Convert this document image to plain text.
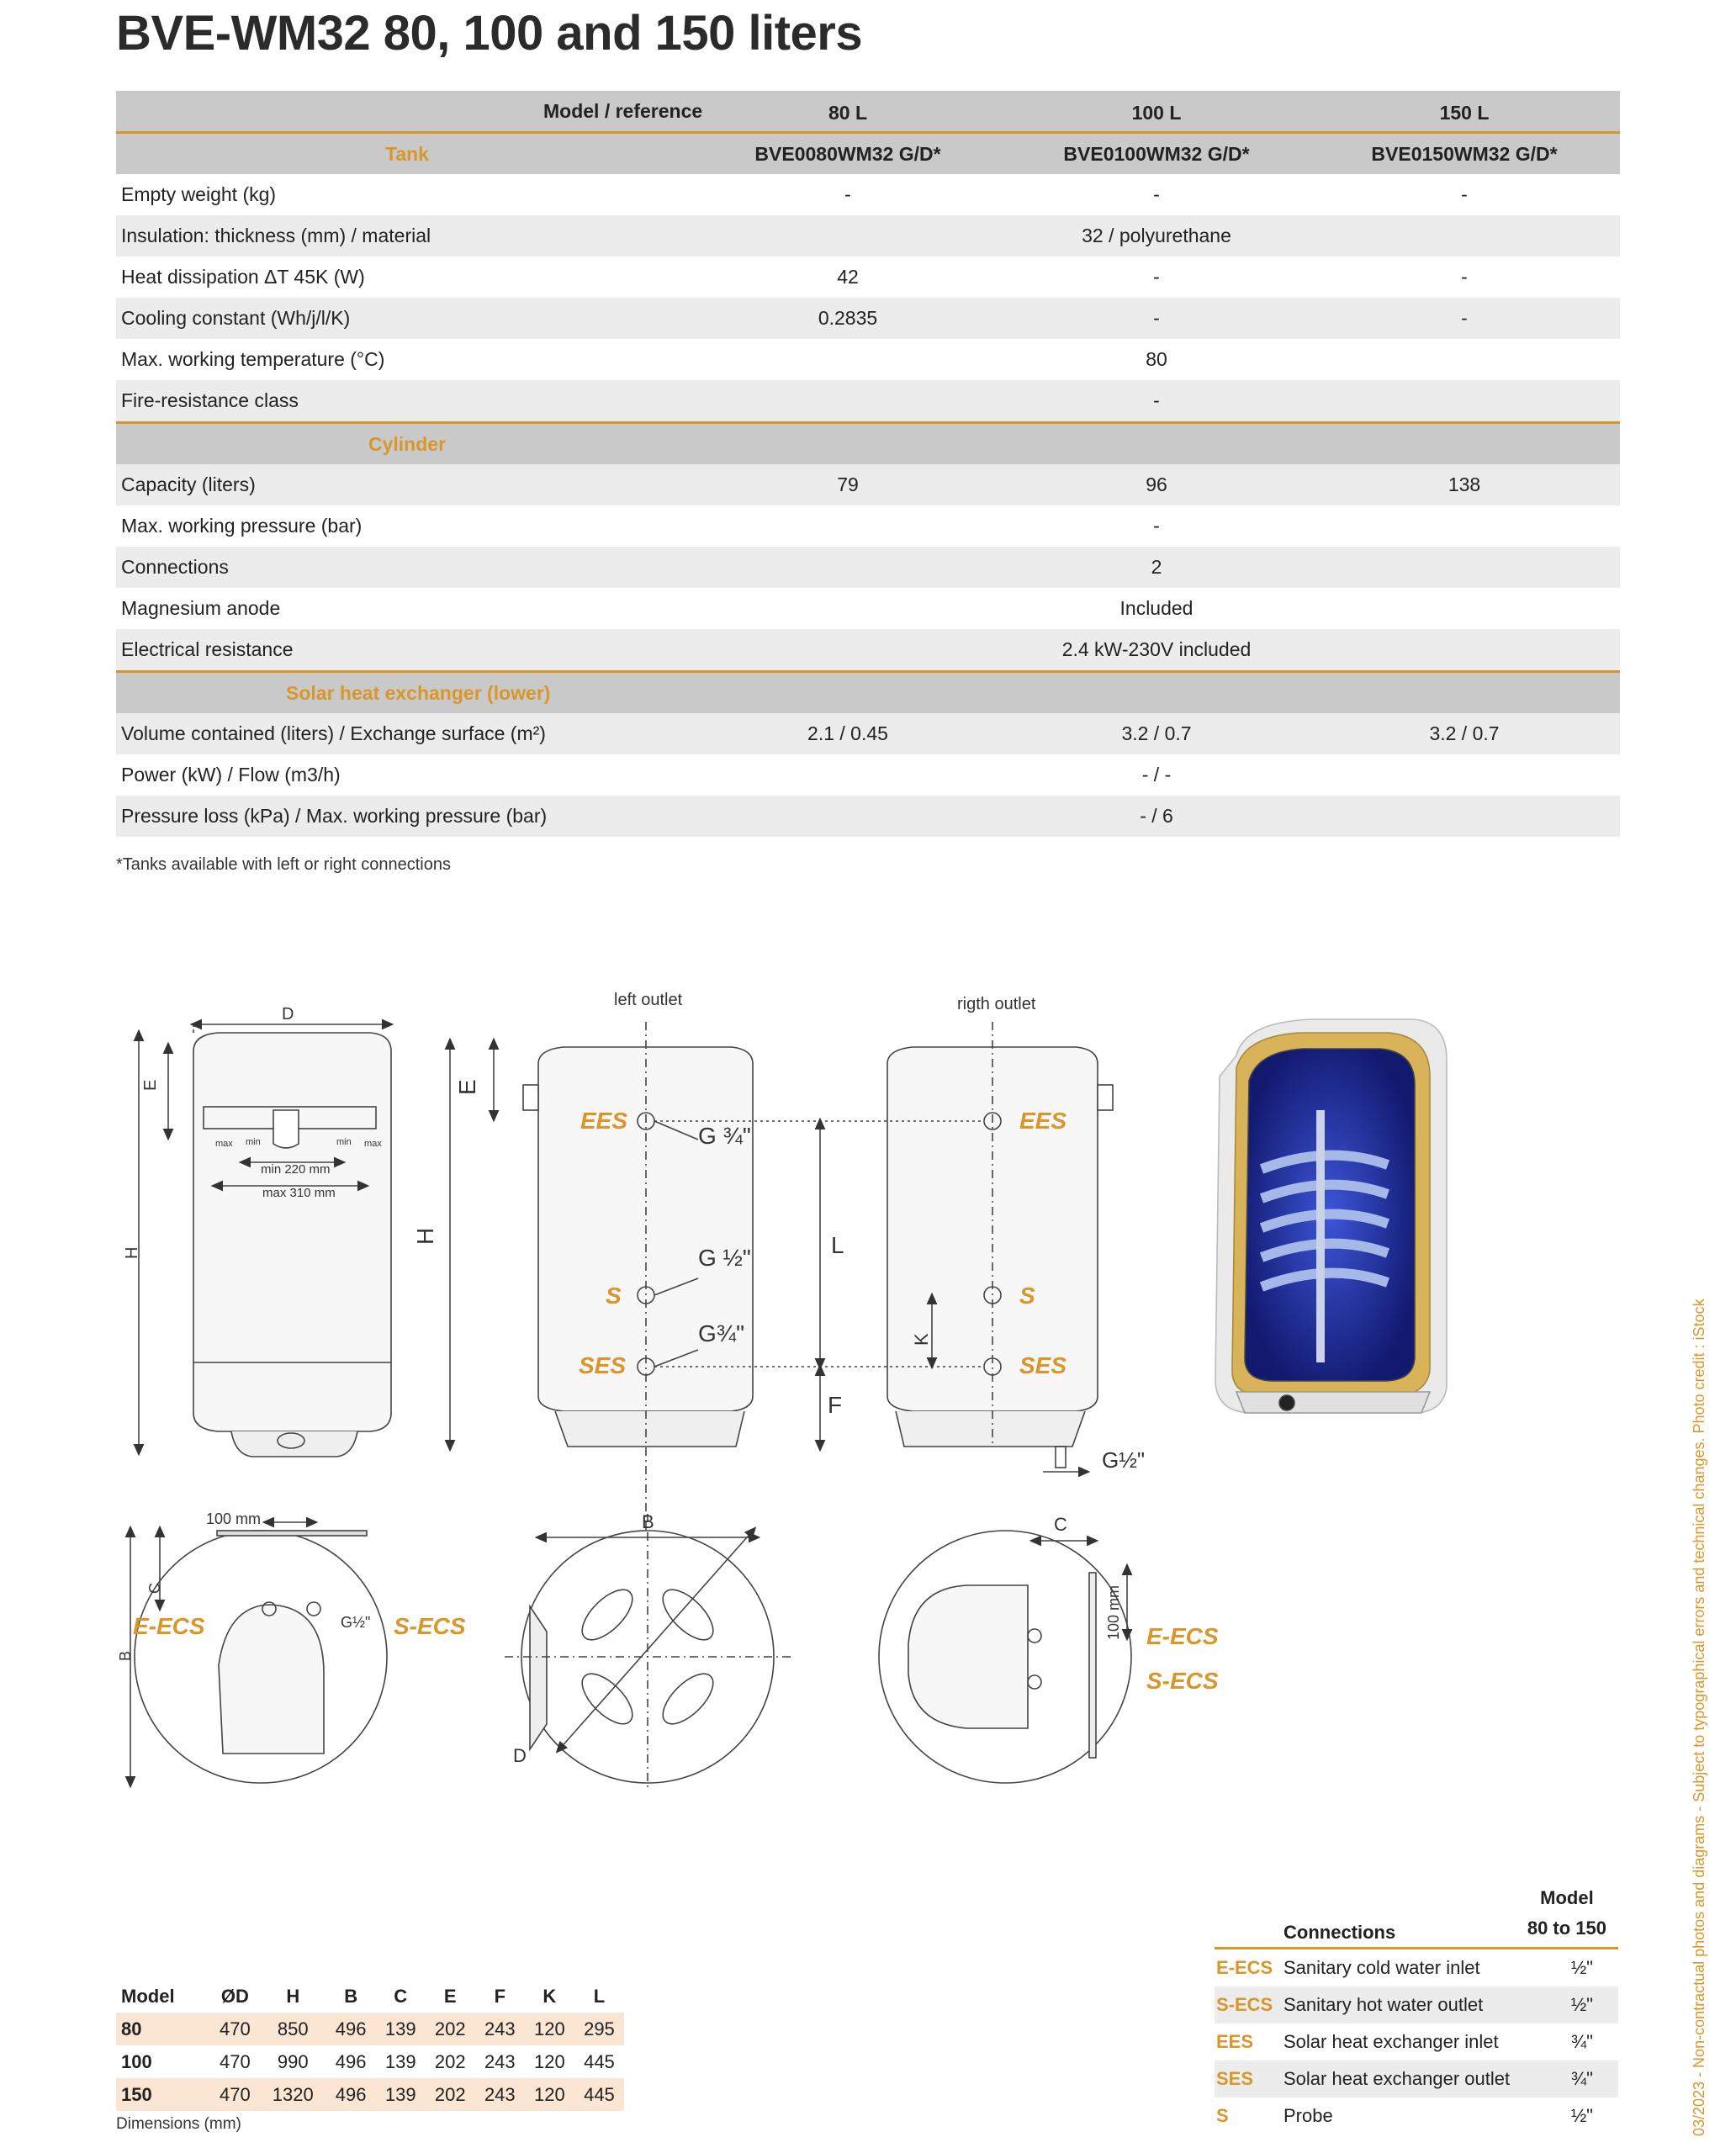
BVE-WM32 80, 100 and 150 liters
Model / reference	80 L	100 L	150 L
Tank	BVE0080WM32 G/D*	BVE0100WM32 G/D*	BVE0150WM32 G/D*
Empty weight (kg)	-	-	-
Insulation: thickness (mm) / material	32 / polyurethane
Heat dissipation ΔT 45K (W)	42	-	-
Cooling constant (Wh/j/l/K)	0.2835	-	-
Max. working temperature (°C)	80
Fire-resistance class	-
Cylinder
Capacity (liters)	79	96	138
Max. working pressure (bar)	-
Connections	2
Magnesium anode	Included
Electrical resistance	2.4 kW-230V included
Solar heat exchanger (lower)
Volume contained (liters) / Exchange surface (m²)	2.1 / 0.45	3.2 / 0.7	3.2 / 0.7
Power (kW) / Flow (m3/h)	- / -
Pressure loss (kPa) / Max. working pressure (bar)	- / 6
*Tanks available with left or right connections
left outlet	rigth outlet
D
E
H
min 220 mm
max 310 mm
max min	min max
E
H	L
F
K
G ¾"
G ½"
G¾"
G½"
100 mm
C
B
G½"
B
D
C
100 mm
EES
S
SES
EES
S
SES
E-ECS	S-ECS	E-ECS
S-ECS
Model	ØD	H	B	C	E	F	K	L
80	470	850	496	139	202	243	120	295
100	470	990	496	139	202	243	120	445
150	470	1320	496	139	202	243	120	445
Dimensions (mm)
Connections
Model
80 to 150
E-ECS Sanitary cold water inlet	½"
S-ECS Sanitary hot water outlet	½"
EES Solar heat exchanger inlet	¾"
SES Solar heat exchanger outlet	¾"
S	Probe	½"	03/2023 - Non-contractual photos and diagrams - Subject to typographical errors and technical changes. Photo credit : iStock
